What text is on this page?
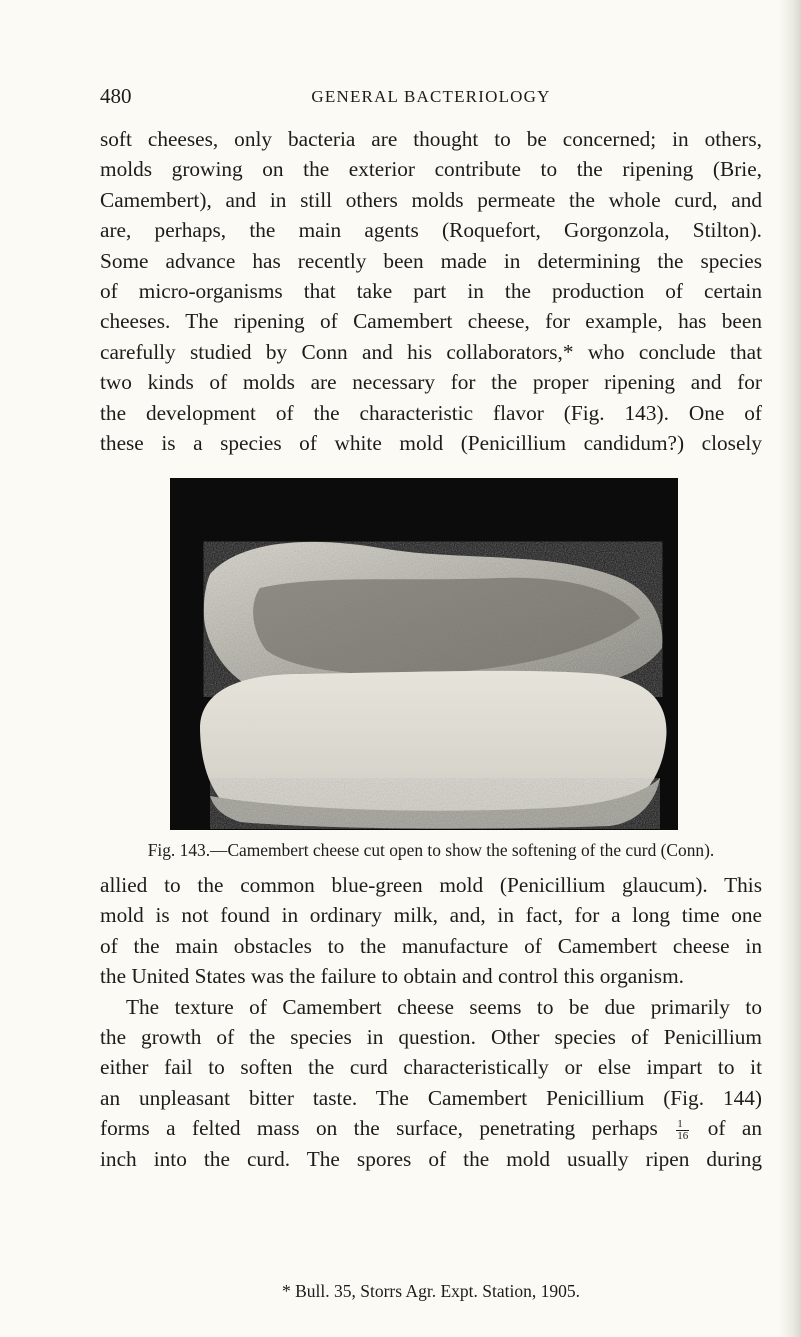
480	GENERAL BACTERIOLOGY

soft cheeses, only bacteria are thought to be concerned; in others,
molds growing on the exterior contribute to the ripening (Brie,
Camembert), and in still others molds permeate the whole curd, and
are, perhaps, the main agents (Roquefort, Gorgonzola, Stilton).
Some advance has recently been made in determining the species
of micro-organisms that take part in the production of certain
cheeses. The ripening of Camembert cheese, for example, has been
carefully studied by Conn and his collaborators,* who conclude that
two kinds of molds are necessary for the proper ripening and for
the development of the characteristic flavor (Fig. 143). One of
these is a species of white mold (Penicillium candidum?) closely

Fig. 143.—Camembert cheese cut open to show the softening of the curd (Conn).
allied to the common blue-green mold (Penicillium glaucum). This
mold is not found in ordinary milk, and, in fact, for a long time one
of the main obstacles to the manufacture of Camembert cheese in
the United States was the failure to obtain and control this organism.
The texture of Camembert cheese seems to be due primarily to
the growth of the species in question. Other species of Penicillium
either fail to soften the curd characteristically or else impart to it
an unpleasant bitter taste. The Camembert Penicillium (Fig. 144)
forms a felted mass on the surface, penetrating perhaps $\frac{1}{16}$ of an
inch into the curd. The spores of the mold usually ripen during
* Bull. 35, Storrs Agr. Expt. Station, 1905.
